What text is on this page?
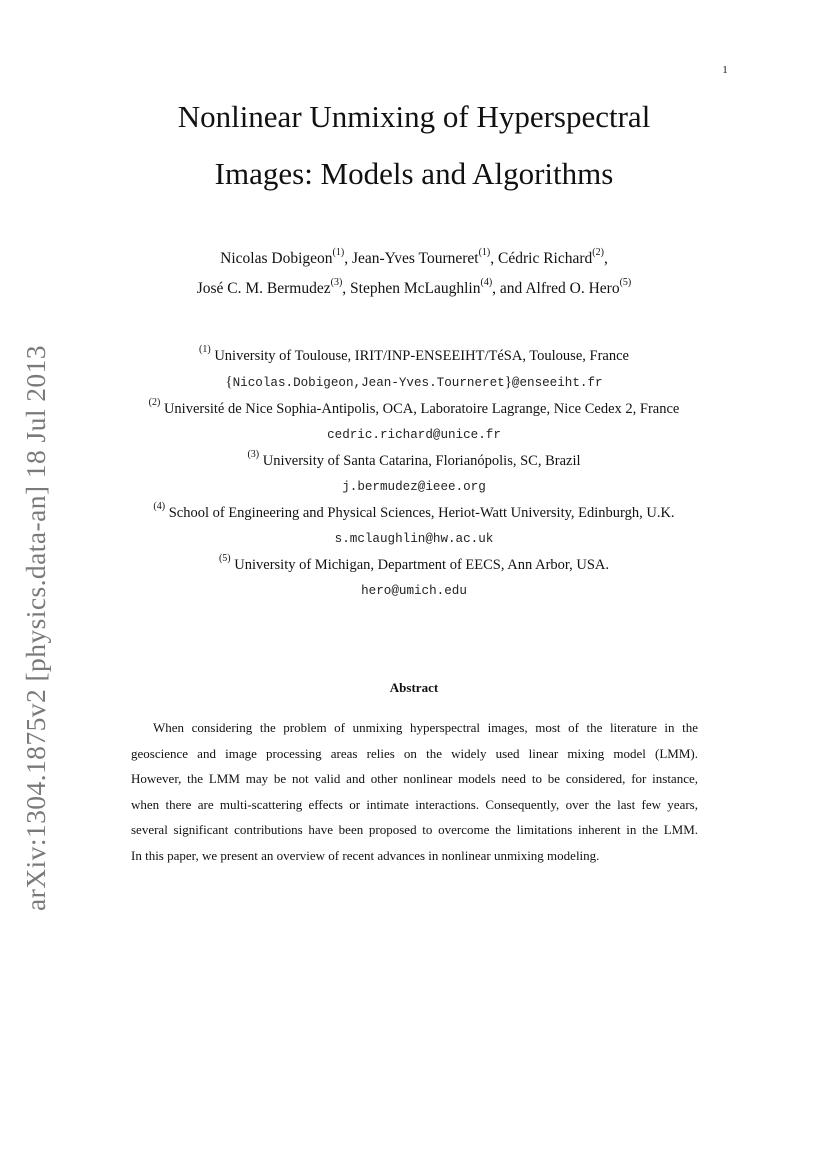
1
arXiv:1304.1875v2 [physics.data-an] 18 Jul 2013
Nonlinear Unmixing of Hyperspectral
Images: Models and Algorithms
Nicolas Dobigeon$^{(1)}$, Jean-Yves Tourneret$^{(1)}$, Cédric Richard$^{(2)}$,
José C. M. Bermudez$^{(3)}$, Stephen McLaughlin$^{(4)}$, and Alfred O. Hero$^{(5)}$
$^{(1)}$ University of Toulouse, IRIT/INP-ENSEEIHT/TéSA, Toulouse, France
{Nicolas.Dobigeon,Jean-Yves.Tourneret}@enseeiht.fr
$^{(2)}$ Université de Nice Sophia-Antipolis, OCA, Laboratoire Lagrange, Nice Cedex 2, France
cedric.richard@unice.fr
$^{(3)}$ University of Santa Catarina, Florianópolis, SC, Brazil
j.bermudez@ieee.org
$^{(4)}$ School of Engineering and Physical Sciences, Heriot-Watt University, Edinburgh, U.K.
s.mclaughlin@hw.ac.uk
$^{(5)}$ University of Michigan, Department of EECS, Ann Arbor, USA.
hero@umich.edu
Abstract

When considering the problem of unmixing hyperspectral images, most of the literature in the
geoscience and image processing areas relies on the widely used linear mixing model (LMM).
However, the LMM may be not valid and other nonlinear models need to be considered, for instance,
when there are multi-scattering effects or intimate interactions. Consequently, over the last few years,
several significant contributions have been proposed to overcome the limitations inherent in the LMM.
In this paper, we present an overview of recent advances in nonlinear unmixing modeling.
